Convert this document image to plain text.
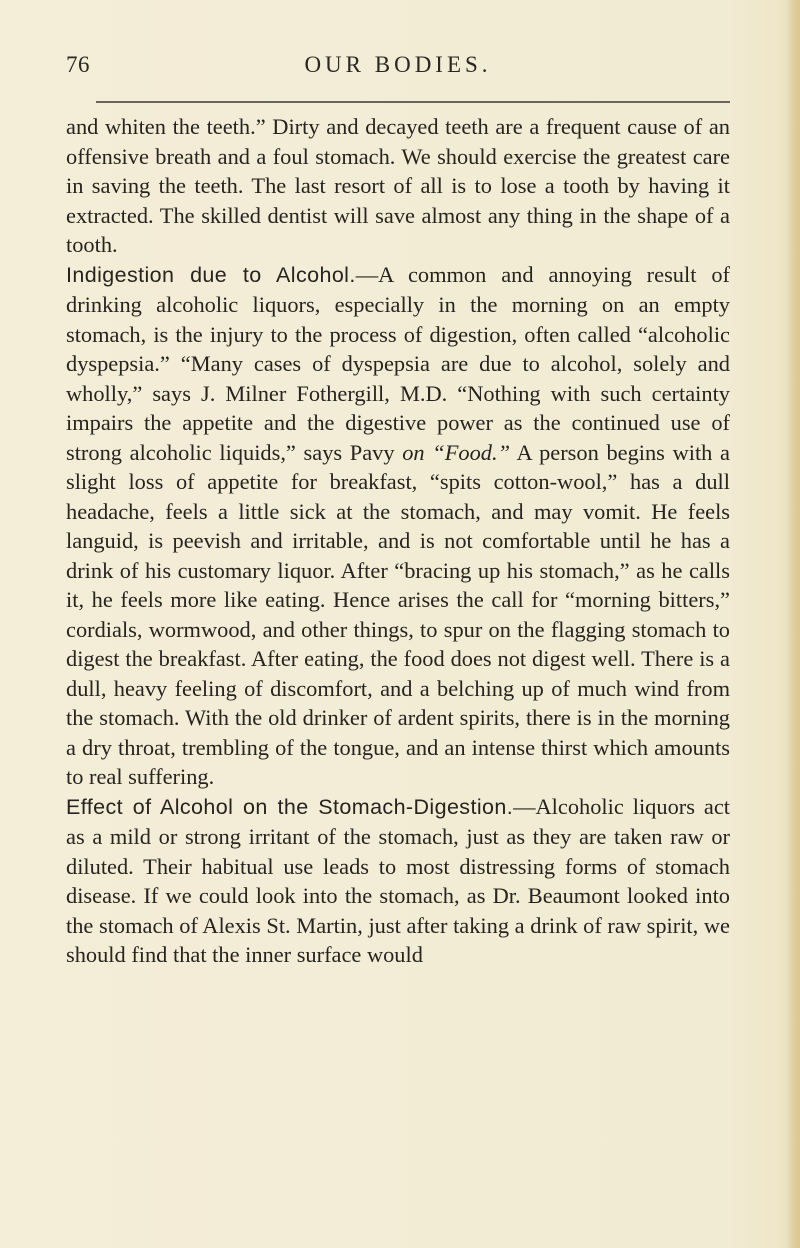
76	OUR BODIES.

and whiten the teeth.” Dirty and decayed teeth are a frequent cause of an offensive breath and a foul stomach. We should exercise the greatest care in saving the teeth. The last resort of all is to lose a tooth by having it extracted. The skilled dentist will save almost any thing in the shape of a tooth.

Indigestion due to Alcohol.—A common and annoying result of drinking alcoholic liquors, especially in the morning on an empty stomach, is the injury to the process of digestion, often called “alcoholic dyspepsia.” “Many cases of dyspepsia are due to alcohol, solely and wholly,” says J. Milner Fothergill, M.D. “Nothing with such certainty impairs the appetite and the digestive power as the continued use of strong alcoholic liquids,” says Pavy on “Food.” A person begins with a slight loss of appetite for breakfast, “spits cotton-wool,” has a dull headache, feels a little sick at the stomach, and may vomit. He feels languid, is peevish and irritable, and is not comfortable until he has a drink of his customary liquor. After “bracing up his stomach,” as he calls it, he feels more like eating. Hence arises the call for “morning bitters,” cordials, wormwood, and other things, to spur on the flagging stomach to digest the breakfast. After eating, the food does not digest well. There is a dull, heavy feeling of discomfort, and a belching up of much wind from the stomach. With the old drinker of ardent spirits, there is in the morning a dry throat, trembling of the tongue, and an intense thirst which amounts to real suffering.

Effect of Alcohol on the Stomach-Digestion.—Alcoholic liquors act as a mild or strong irritant of the stomach, just as they are taken raw or diluted. Their habitual use leads to most distressing forms of stomach disease. If we could look into the stomach, as Dr. Beaumont looked into the stomach of Alexis St. Martin, just after taking a drink of raw spirit, we should find that the inner surface would
